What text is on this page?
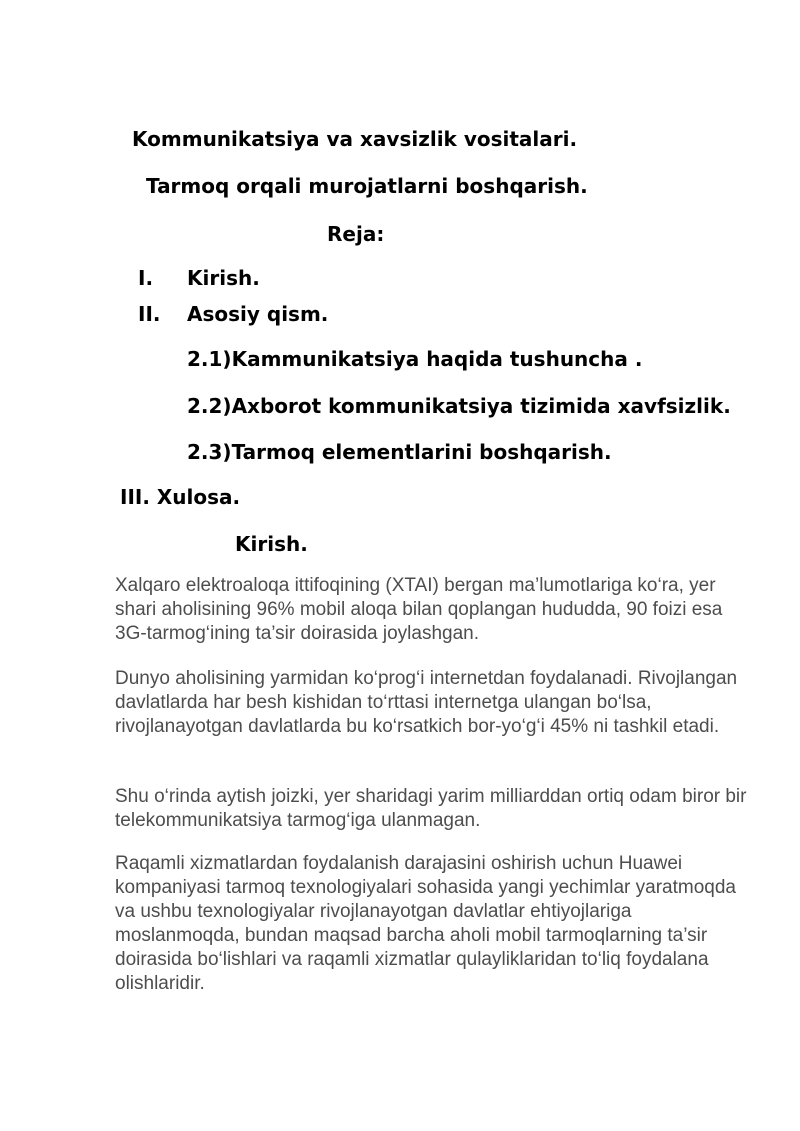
Kommunikatsiya va xavsizlik vositalari.
Tarmoq orqali murojatlarni boshqarish.
Reja:
I. Kirish.
II. Asosiy qism.
2.1)Kammunikatsiya haqida tushuncha .
2.2)Axborot kommunikatsiya tizimida xavfsizlik.
2.3)Tarmoq elementlarini boshqarish.
III. Xulosa.
Kirish.

Xalqaro elektroaloqa ittifoqining (XTAI) bergan ma’lumotlariga ko‘ra, yer shari aholisining 96% mobil aloqa bilan qoplangan hududda, 90 foizi esa 3G-tarmog‘ining ta’sir doirasida joylashgan.

Dunyo aholisining yarmidan ko‘prog‘i internetdan foydalanadi. Rivojlangan davlatlarda har besh kishidan to‘rttasi internetga ulangan bo‘lsa, rivojlanayotgan davlatlarda bu ko‘rsatkich bor-yo‘g‘i 45% ni tashkil etadi.

Shu o‘rinda aytish joizki, yer sharidagi yarim milliarddan ortiq odam biror bir telekommunikatsiya tarmog‘iga ulanmagan.

Raqamli xizmatlardan foydalanish darajasini oshirish uchun Huawei kompaniyasi tarmoq texnologiyalari sohasida yangi yechimlar yaratmoqda va ushbu texnologiyalar rivojlanayotgan davlatlar ehtiyojlariga moslanmoqda, bundan maqsad barcha aholi mobil tarmoqlarning ta’sir doirasida bo‘lishlari va raqamli xizmatlar qulayliklaridan to‘liq foydalana olishlaridir.
